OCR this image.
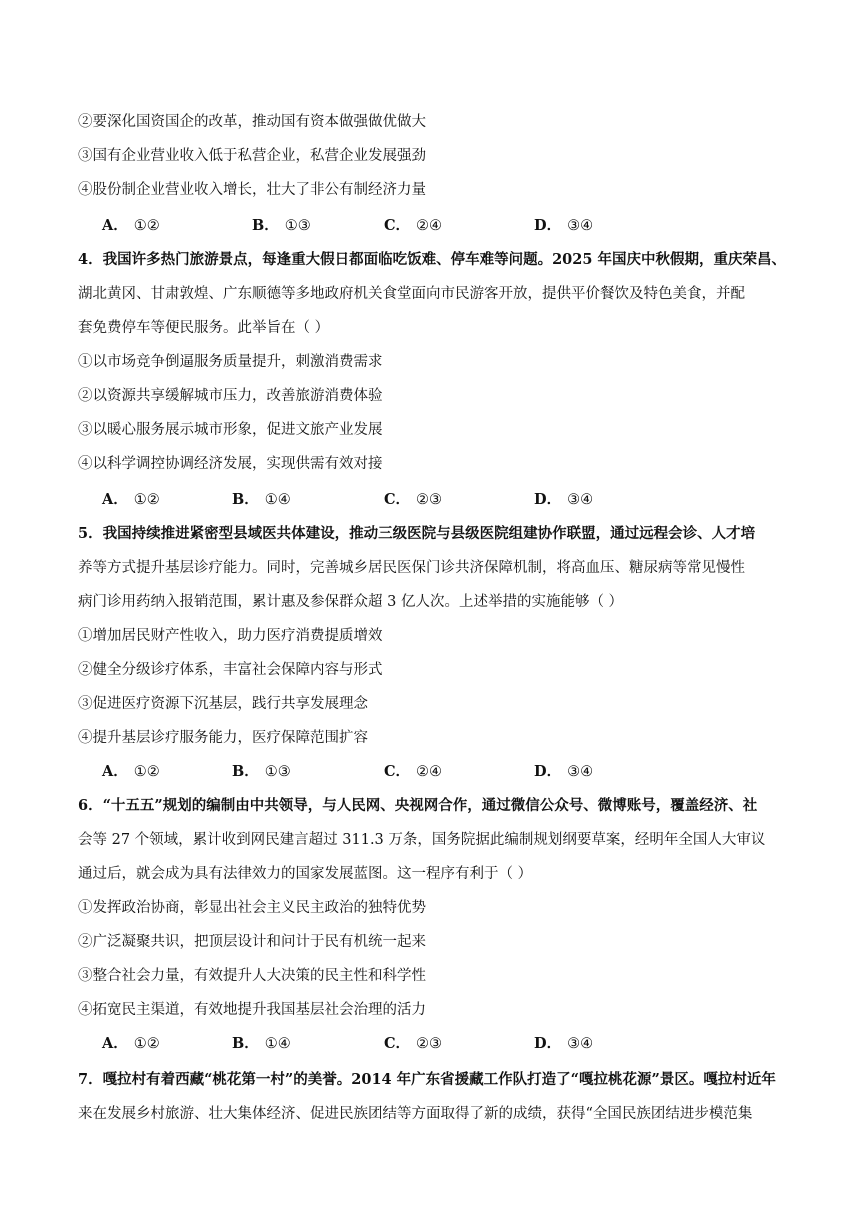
②要深化国资国企的改革，推动国有资本做强做优做大
③国有企业营业收入低于私营企业，私营企业发展强劲
④股份制企业营业收入增长，壮大了非公有制经济力量
A． ①②	B． ①③	C． ②④	D． ③④
4．我国许多热门旅游景点，每逢重大假日都面临吃饭难、停车难等问题。2025 年国庆中秋假期，重庆荣昌、
湖北黄冈、甘肃敦煌、广东顺德等多地政府机关食堂面向市民游客开放，提供平价餐饮及特色美食，并配
套免费停车等便民服务。此举旨在（ ）
①以市场竞争倒逼服务质量提升，刺激消费需求
②以资源共享缓解城市压力，改善旅游消费体验
③以暖心服务展示城市形象，促进文旅产业发展
④以科学调控协调经济发展，实现供需有效对接
A． ①②	B． ①④	C． ②③	D． ③④
5．我国持续推进紧密型县域医共体建设，推动三级医院与县级医院组建协作联盟，通过远程会诊、人才培
养等方式提升基层诊疗能力。同时，完善城乡居民医保门诊共济保障机制，将高血压、糖尿病等常见慢性
病门诊用药纳入报销范围，累计惠及参保群众超 3 亿人次。上述举措的实施能够（ ）
①增加居民财产性收入，助力医疗消费提质增效
②健全分级诊疗体系，丰富社会保障内容与形式
③促进医疗资源下沉基层，践行共享发展理念
④提升基层诊疗服务能力，医疗保障范围扩容
A． ①②	B． ①③	C． ②④	D． ③④
6．“十五五”规划的编制由中共领导，与人民网、央视网合作，通过微信公众号、微博账号，覆盖经济、社
会等 27 个领域，累计收到网民建言超过 311.3 万条，国务院据此编制规划纲要草案，经明年全国人大审议
通过后，就会成为具有法律效力的国家发展蓝图。这一程序有利于（ ）
①发挥政治协商，彰显出社会主义民主政治的独特优势
②广泛凝聚共识，把顶层设计和问计于民有机统一起来
③整合社会力量，有效提升人大决策的民主性和科学性
④拓宽民主渠道，有效地提升我国基层社会治理的活力
A． ①②	B． ①④	C． ②③	D． ③④
7．嘎拉村有着西藏“桃花第一村”的美誉。2014 年广东省援藏工作队打造了“嘎拉桃花源”景区。嘎拉村近年
来在发展乡村旅游、壮大集体经济、促进民族团结等方面取得了新的成绩，获得“全国民族团结进步模范集
